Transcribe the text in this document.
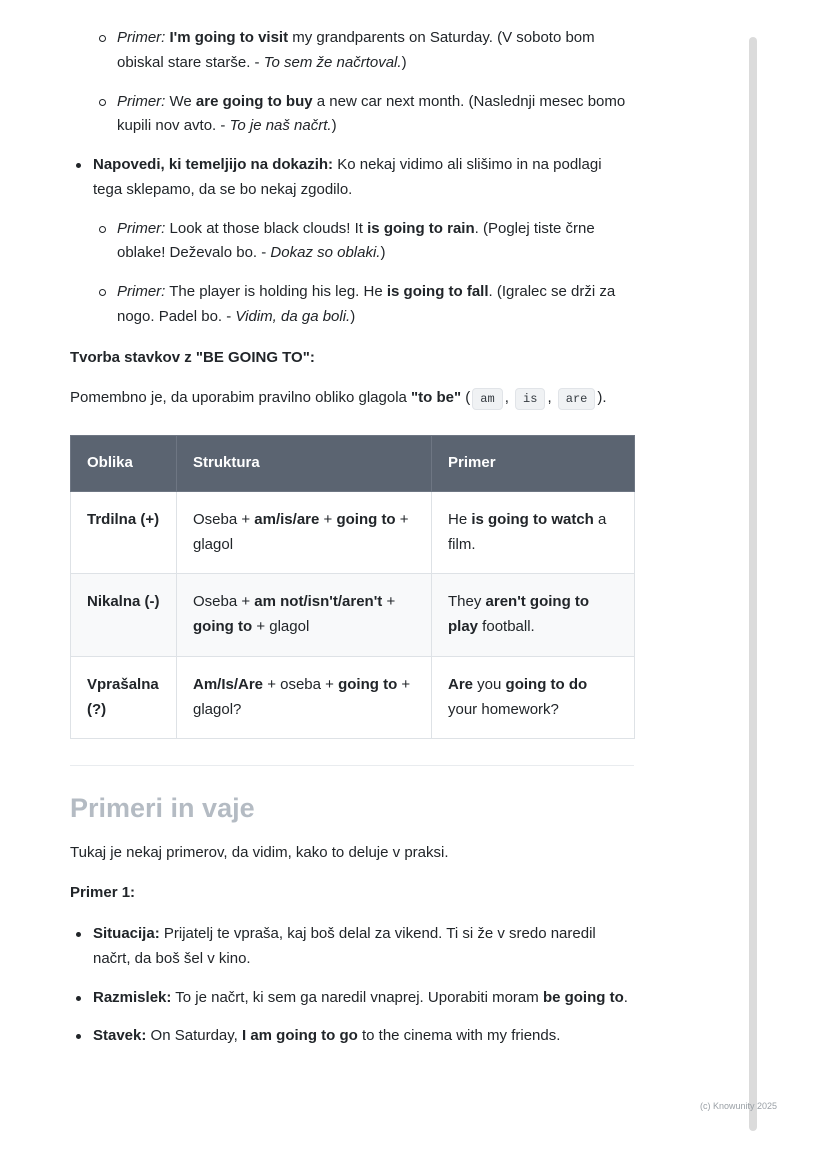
Primer: I'm going to visit my grandparents on Saturday. (V soboto bom obiskal stare starše. - To sem že načrtoval.)
Primer: We are going to buy a new car next month. (Naslednji mesec bomo kupili nov avto. - To je naš načrt.)
Napovedi, ki temeljijo na dokazih: Ko nekaj vidimo ali slišimo in na podlagi tega sklepamo, da se bo nekaj zgodilo.
Primer: Look at those black clouds! It is going to rain. (Poglej tiste črne oblake! Deževalo bo. - Dokaz so oblaki.)
Primer: The player is holding his leg. He is going to fall. (Igralec se drži za nogo. Padel bo. - Vidim, da ga boli.)

Tvorba stavkov z "BE GOING TO":

Pomembno je, da uporabim pravilno obliko glagola "to be" ( am , is , are ).

Oblika	Struktura	Primer
Trdilna (+)	Oseba + am/is/are + going to + glagol	He is going to watch a film.
Nikalna (-)	Oseba + am not/isn't/aren't + going to + glagol	They aren't going to play football.
Vprašalna (?)	Am/Is/Are + oseba + going to + glagol?	Are you going to do your homework?
Primeri in vaje

Tukaj je nekaj primerov, da vidim, kako to deluje v praksi.

Primer 1:

Situacija: Prijatelj te vpraša, kaj boš delal za vikend. Ti si že v sredo naredil načrt, da boš šel v kino.
Razmislek: To je načrt, ki sem ga naredil vnaprej. Uporabiti moram be going to.
Stavek: On Saturday, I am going to go to the cinema with my friends.
(c) Knowunity 2025
